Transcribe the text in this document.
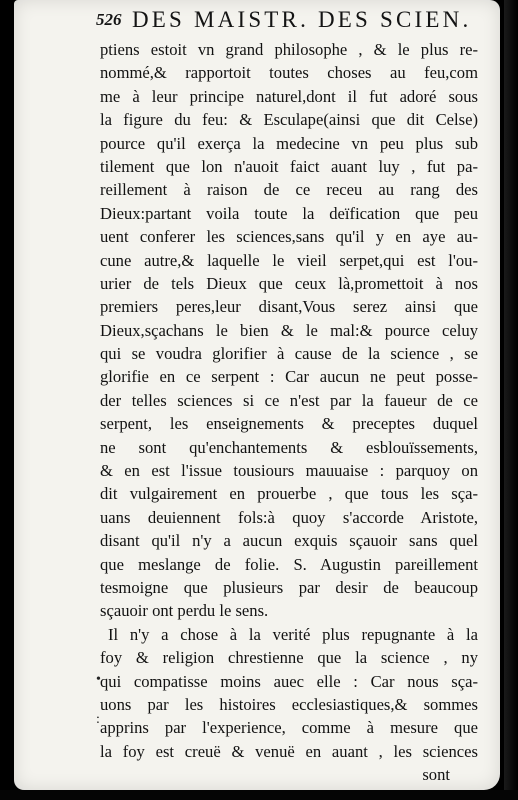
526 DES MAISTR. DES SCIEN.
•
:
ptiens estoit vn grand philosophe , & le plus re-
nommé,& rapportoit toutes choses au feu,com
me à leur principe naturel,dont il fut adoré sous
la figure du feu: & Esculape(ainsi que dit Celse)
pource qu'il exerça la medecine vn peu plus sub
tilement que lon n'auoit faict auant luy , fut pa-
reillement à raison de ce receu au rang des
Dieux:partant voila toute la deïfication que peu
uent conferer les sciences,sans qu'il y en aye au-
cune autre,& laquelle le vieil serpet,qui est l'ou-
urier de tels Dieux que ceux là,promettoit à nos
premiers peres,leur disant,Vous serez ainsi que
Dieux,sçachans le bien & le mal:& pource celuy
qui se voudra glorifier à cause de la science , se
glorifie en ce serpent : Car aucun ne peut posse-
der telles sciences si ce n'est par la faueur de ce
serpent, les enseignements & preceptes duquel
ne sont qu'enchantements & esblouïssements,
& en est l'issue tousiours mauuaise : parquoy on
dit vulgairement en prouerbe , que tous les sça-
uans deuiennent fols:à quoy s'accorde Aristote,
disant qu'il n'y a aucun exquis sçauoir sans quel
que meslange de folie. S. Augustin pareillement
tesmoigne que plusieurs par desir de beaucoup
sçauoir ont perdu le sens.
Il n'y a chose à la verité plus repugnante à la
foy & religion chrestienne que la science , ny
qui compatisse moins auec elle : Car nous sça-
uons par les histoires ecclesiastiques,& sommes
apprins par l'experience, comme à mesure que
la foy est creuë & venuë en auant , les sciences
sont
